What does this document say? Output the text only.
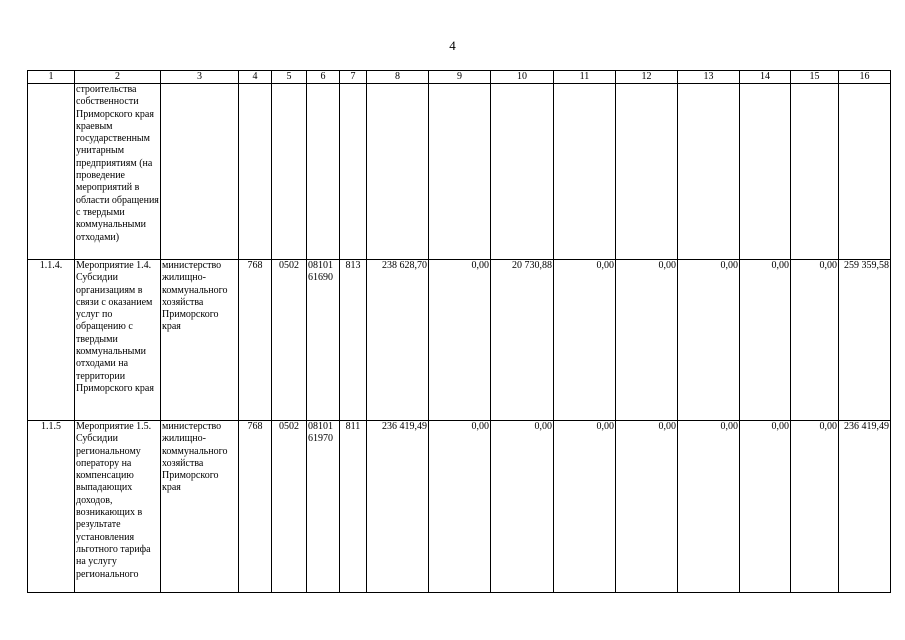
4
1	2	3	4	5	6	7	8	9	10	11	12	13	14	15	16
	строительства собственности Приморского края краевым государственным унитарным предприятиям (на проведение мероприятий в области обращения с твердыми коммунальными отходами)														
1.1.4.	Мероприятие 1.4. Субсидии организациям в связи с оказанием услуг по обращению с твердыми коммунальными отходами на территории Приморского края	министерство жилищно-коммунального хозяйства Приморского края	768	0502	08101 61690	813	238 628,70	0,00	20 730,88	0,00	0,00	0,00	0,00	0,00	259 359,58
1.1.5	Мероприятие 1.5. Субсидии региональному оператору на компенсацию выпадающих доходов, возникающих в результате установления льготного тарифа на услугу регионального	министерство жилищно-коммунального хозяйства Приморского края	768	0502	08101 61970	811	236 419,49	0,00	0,00	0,00	0,00	0,00	0,00	0,00	236 419,49
